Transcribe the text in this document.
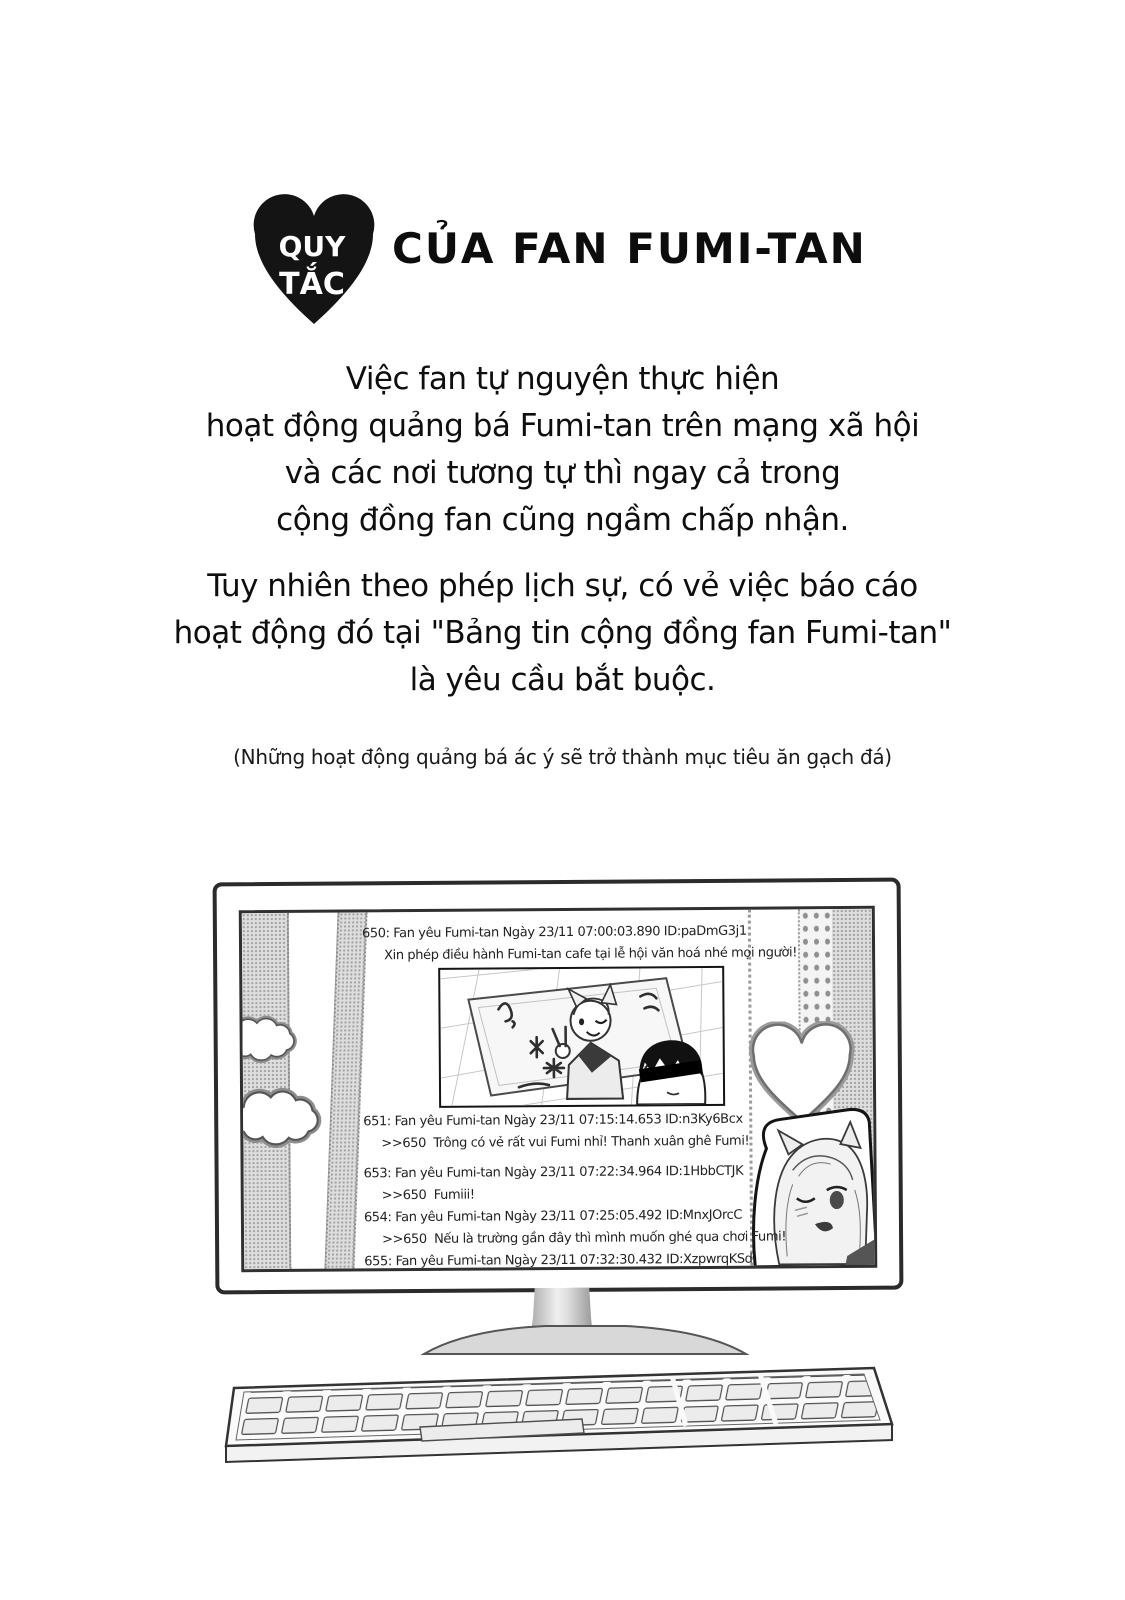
QUY
TẮC
CỦA FAN FUMI-TAN
Việc fan tự nguyện thực hiện
hoạt động quảng bá Fumi-tan trên mạng xã hội
và các nơi tương tự thì ngay cả trong
cộng đồng fan cũng ngầm chấp nhận.
Tuy nhiên theo phép lịch sự, có vẻ việc báo cáo
hoạt động đó tại "Bảng tin cộng đồng fan Fumi-tan"
là yêu cầu bắt buộc.
(Những hoạt động quảng bá ác ý sẽ trở thành mục tiêu ăn gạch đá)
650: Fan yêu Fumi-tan Ngày 23/11 07:00:03.890 ID:paDmG3j1
Xin phép điều hành Fumi-tan cafe tại lễ hội văn hoá nhé mọi người!
651: Fan yêu Fumi-tan Ngày 23/11 07:15:14.653 ID:n3Ky6Bcx
>>650 Trông có vẻ rất vui Fumi nhỉ! Thanh xuân ghê Fumi!
653: Fan yêu Fumi-tan Ngày 23/11 07:22:34.964 ID:1HbbCTJK
>>650 Fumiii!
654: Fan yêu Fumi-tan Ngày 23/11 07:25:05.492 ID:MnxJOrcC
>>650 Nếu là trường gần đây thì mình muốn ghé qua chơi Fumi!
655: Fan yêu Fumi-tan Ngày 23/11 07:32:30.432 ID:XzpwrqKSd
